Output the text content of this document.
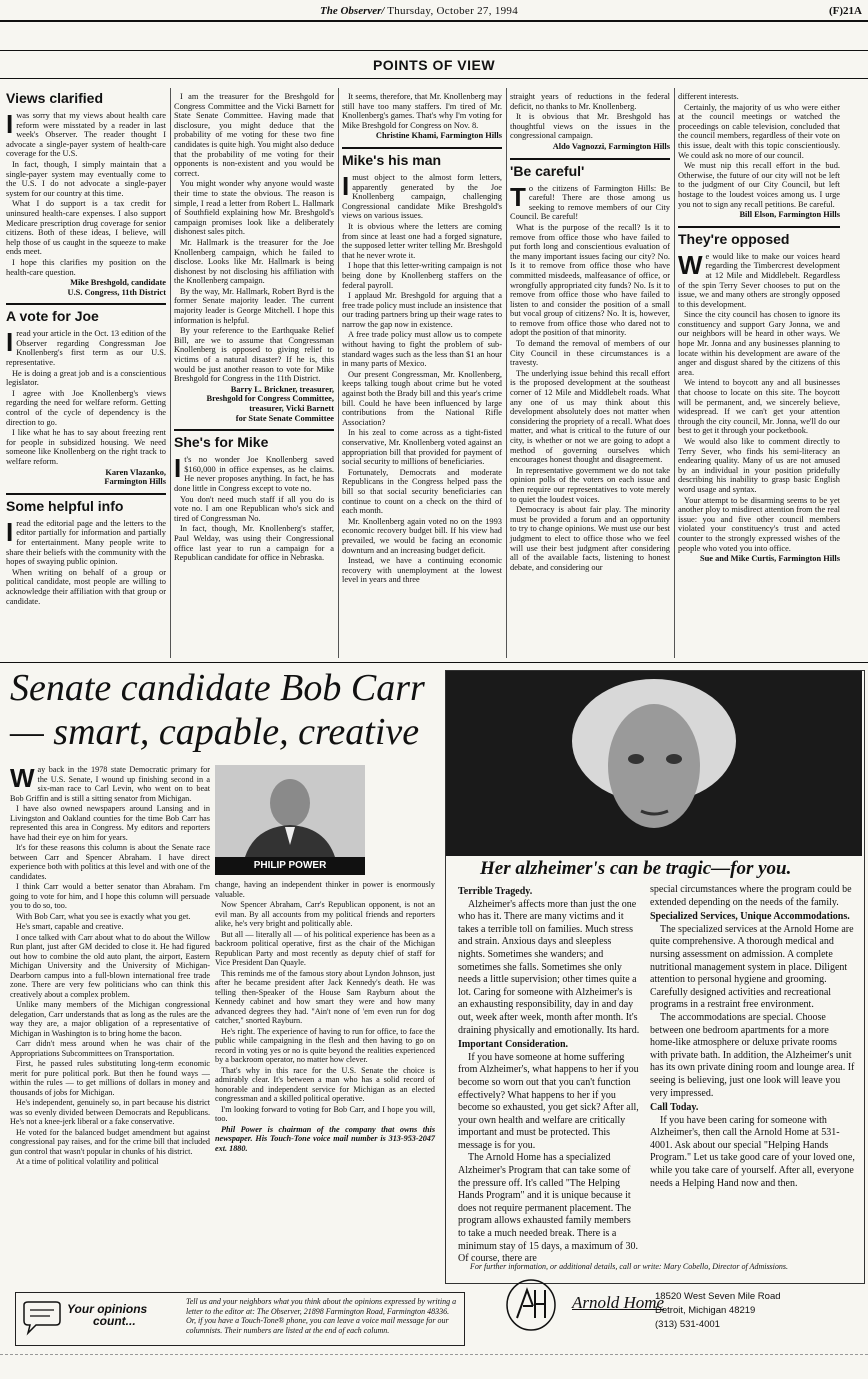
The Observer/ Thursday, October 27, 1994	(F)21A
POINTS OF VIEW
Views clarified

Iwas sorry that my views about health care reform were misstated by a reader in last week's Observer. The reader thought I advocate a single-payer system of health-care coverage for the U.S.

In fact, though, I simply maintain that a single-payer system may eventually come to the U.S. I do not advocate a single-payer system for our country at this time.

What I do support is a tax credit for uninsured health-care expenses. I also support Medicare prescription drug coverage for senior citizens. Both of these ideas, I believe, will help those of us caught in the squeeze to make ends meet.

I hope this clarifies my position on the health-care question.

Mike Breshgold, candidate
U.S. Congress, 11th District
A vote for Joe

Iread your article in the Oct. 13 edition of the Observer regarding Congressman Joe Knollenberg's first term as our U.S. representative.

He is doing a great job and is a conscientious legislator.

I agree with Joe Knollenberg's views regarding the need for welfare reform. Getting control of the cycle of dependency is the direction to go.

I like what he has to say about freezing rent for people in subsidized housing. We need someone like Knollenberg on the right track to welfare reform.

Karen Vlazanko,
Farmington Hills
Some helpful info

Iread the editorial page and the letters to the editor partially for information and partially for entertainment. Many people write to share their beliefs with the community with the hopes of swaying public opinion.

When writing on behalf of a group or political candidate, most people are willing to acknowledge their affiliation with that group or candidate.

I am the treasurer for the Breshgold for Congress Committee and the Vicki Barnett for State Senate Committee. Having made that disclosure, you might deduce that the probability of me voting for these two fine candidates is quite high. You might also deduce that the probability of me voting for their opponents is non-existent and you would be correct.

You might wonder why anyone would waste their time to state the obvious. The reason is simple, I read a letter from Robert L. Hallmark of Southfield explaining how Mr. Breshgold's campaign promises look like a deliberately dishonest sales pitch.

Mr. Hallmark is the treasurer for the Joe Knollenberg campaign, which he failed to disclose. Looks like Mr. Hallmark is being dishonest by not disclosing his affiliation with the Knollenberg campaign.

By the way, Mr. Hallmark, Robert Byrd is the former Senate majority leader. The current majority leader is George Mitchell. I hope this information is helpful.

By your reference to the Earthquake Relief Bill, are we to assume that Congressman Knollenberg is opposed to giving relief to victims of a natural disaster? If he is, this would be just another reason to vote for Mike Breshgold for Congress in the 11th District.

Barry L. Brickner, treasurer,
Breshgold for Congress Committee,
treasurer, Vicki Barnett
for State Senate Committee
She's for Mike

It's no wonder Joe Knollenberg saved $160,000 in office expenses, as he claims. He never proposes anything. In fact, he has done little in Congress except to vote no.

You don't need much staff if all you do is vote no. I am one Republican who's sick and tired of Congressman No.

In fact, though, Mr. Knollenberg's staffer, Paul Welday, was using their Congressional office last year to run a campaign for a Republican candidate for office in Nebraska.

It seems, therefore, that Mr. Knollenberg may still have too many staffers. I'm tired of Mr. Knollenberg's games. That's why I'm voting for Mike Breshgold for Congress on Nov. 8.

Christine Khami, Farmington Hills
Mike's his man

Imust object to the almost form letters, apparently generated by the Joe Knollenberg campaign, challenging Congressional candidate Mike Breshgold's views on various issues.

It is obvious where the letters are coming from since at least one had a forged signature, the supposed letter writer telling Mr. Breshgold that he never wrote it.

I hope that this letter-writing campaign is not being done by Knollenberg staffers on the federal payroll.

I applaud Mr. Breshgold for arguing that a free trade policy must include an insistence that our trading partners bring up their wage rates to narrow the gap now in existence.

A free trade policy must allow us to compete without having to fight the problem of sub-standard wages such as the less than $1 an hour in many parts of Mexico.

Our present Congressman, Mr. Knollenberg, keeps talking tough about crime but he voted against both the Brady bill and this year's crime bill. Could he have been influenced by large contributions from the National Rifle Association?

In his zeal to come across as a tight-fisted conservative, Mr. Knollenberg voted against an appropriation bill that provided for payment of social security to millions of beneficiaries.

Fortunately, Democrats and moderate Republicans in the Congress helped pass the bill so that social security beneficiaries can continue to count on a check on the third of each month.

Mr. Knollenberg again voted no on the 1993 economic recovery budget bill. If his view had prevailed, we would be facing an economic downturn and an increasing budget deficit.

Instead, we have a continuing economic recovery with unemployment at the lowest level in years and three

straight years of reductions in the federal deficit, no thanks to Mr. Knollenberg.

It is obvious that Mr. Breshgold has thoughtful views on the issues in the congressional campaign.

Aldo Vagnozzi, Farmington Hills
'Be careful'

To the citizens of Farmington Hills: Be careful! There are those among us seeking to remove members of our City Council. Be careful!

What is the purpose of the recall? Is it to remove from office those who have failed to put forth long and conscientious evaluation of the many important issues facing our city? No. Is it to remove from office those who have committed misdeeds, malfeasance of office, or wrongfully appropriated city funds? No. Is it to remove from office those who have failed to listen to and consider the position of a small but vocal group of citizens? No. It is, however, to remove from office those who dared not to adopt the position of that minority.

To demand the removal of members of our City Council in these circumstances is a travesty.

The underlying issue behind this recall effort is the proposed development at the southeast corner of 12 Mile and Middlebelt roads. What any one of us may think about this development absolutely does not matter when considering the propriety of a recall. What does matter, and what is critical to the future of our city, is whether or not we are going to adopt a method of governing ourselves which encourages honest thought and disagreement.

In representative government we do not take opinion polls of the voters on each issue and then require our representatives to vote merely to quiet the loudest voices.

Democracy is about fair play. The minority must be provided a forum and an opportunity to try to change opinions. We must use our best judgment to elect to office those who we feel will use their best judgment after considering all of the available facts, listening to honest debate, and considering our

different interests.

Certainly, the majority of us who were either at the council meetings or watched the proceedings on cable television, concluded that the council members, regardless of their vote on this issue, dealt with this topic conscientiously. We could ask no more of our council.

We must nip this recall effort in the bud. Otherwise, the future of our city will not be left to the judgment of our City Council, but left hostage to the loudest voices among us. I urge you not to sign any recall petitions. Be careful.

Bill Elson, Farmington Hills
They're opposed

We would like to make our voices heard regarding the Timbercrest development at 12 Mile and Middlebelt. Regardless of the spin Terry Sever chooses to put on the issue, we and many others are strongly opposed to this development.

Since the city council has chosen to ignore its constituency and support Gary Jonna, we and our neighbors will be heard in other ways. We hope Mr. Jonna and any businesses planning to locate within his development are aware of the anger and disgust shared by the citizens of this area.

We intend to boycott any and all businesses that choose to locate on this site. The boycott will be permanent, and, we sincerely believe, widespread. If we can't get your attention through the city council, Mr. Jonna, we'll do our best to get it through your pocketbook.

We would also like to comment directly to Terry Sever, who finds his semi-literacy an endearing quality. Many of us are not amused by an individual in your position pridefully describing his inability to grasp basic English word usage and syntax.

Your attempt to be disarming seems to be yet another ploy to misdirect attention from the real issue: you and five other council members violated your constituency's trust and acted counter to the strongly expressed wishes of the people who voted you into office.

Sue and Mike Curtis, Farmington Hills
Senate candidate Bob Carr
— smart, capable, creative
PHILIP POWER

Way back in the 1978 state Democratic primary for the U.S. Senate, I wound up finishing second in a six-man race to Carl Levin, who went on to beat Bob Griffin and is still a sitting senator from Michigan.

I have also owned newspapers around Lansing and in Livingston and Oakland counties for the time Bob Carr has represented this area in Congress. My editors and reporters have had their eye on him for years.

It's for these reasons this column is about the Senate race between Carr and Spencer Abraham. I have direct experience both with politics at this level and with one of the candidates.

I think Carr would a better senator than Abraham. I'm going to vote for him, and I hope this column will persuade you to do so, too.

With Bob Carr, what you see is exactly what you get.

He's smart, capable and creative.

I once talked with Carr about what to do about the Willow Run plant, just after GM decided to close it. He had figured out how to combine the old auto plant, the airport, Eastern Michigan University and the University of Michigan-Dearborn campus into a full-blown international free trade zone. There are very few politicians who can think this creatively about a complex problem.

Unlike many members of the Michigan congressional delegation, Carr understands that as long as the rules are the way they are, a major obligation of a representative of Michigan in Washington is to bring home the bacon.

Carr didn't mess around when he was chair of the Appropriations Subcommittees on Transportation.

First, he passed rules substituting long-term economic merit for pure political pork. But then he found ways — within the rules — to get millions of dollars in money and thousands of jobs for Michigan.

He's independent, genuinely so, in part because his district was so evenly divided between Democrats and Republicans. He's not a knee-jerk liberal or a fake conservative.

He voted for the balanced budget amendment but against congressional pay raises, and for the crime bill that included gun control that wasn't popular in chunks of his district.

At a time of political volatility and political

change, having an independent thinker in power is enormously valuable.

Now Spencer Abraham, Carr's Republican opponent, is not an evil man. By all accounts from my political friends and reporters alike, he's very bright and politically able.

But all — literally all — of his political experience has been as a backroom political operative, first as the chair of the Michigan Republican Party and most recently as deputy chief of staff for Vice President Dan Quayle.

This reminds me of the famous story about Lyndon Johnson, just after he became president after Jack Kennedy's death. He was telling then-Speaker of the House Sam Rayburn about the Kennedy cabinet and how smart they were and how many advanced degrees they had. "Ain't none of 'em even run for dog catcher," snorted Rayburn.

He's right. The experience of having to run for office, to face the public while campaigning in the flesh and then having to go on record in voting yes or no is quite beyond the realities experienced by a backroom operator, no matter how clever.

That's why in this race for the U.S. Senate the choice is admirably clear. It's between a man who has a solid record of honorable and independent service for Michigan as an elected congressman and a skilled political operative.

I'm looking forward to voting for Bob Carr, and I hope you will, too.

Phil Power is chairman of the company that owns this newspaper. His Touch-Tone voice mail number is 313-953-2047 ext. 1880.

Her alzheimer's can be tragic—for you.

Terrible Tragedy.

Alzheimer's affects more than just the one who has it. There are many victims and it takes a terrible toll on families. Much stress and strain. Anxious days and sleepless nights. Sometimes she wanders; and sometimes she falls. Sometimes she only needs a little supervision; other times quite a lot. Caring for someone with Alzheimer's is an exhausting responsibility, day in and day out, week after week, month after month. It's draining physically and emotionally. Its hard.

Important Consideration.

If you have someone at home suffering from Alzheimer's, what happens to her if you become so worn out that you can't function effectively? What happens to her if you become so exhausted, you get sick? After all, your own health and welfare are critically important and must be protected. This message is for you.

The Arnold Home has a specialized Alzheimer's Program that can take some of the pressure off. It's called "The Helping Hands Program" and it is unique because it does not require permanent placement. The program allows exhausted family members to take a much needed break. There is a minimum stay of 15 days, a maximum of 30. Of course, there are

special circumstances where the program could be extended depending on the needs of the family.

Specialized Services, Unique Accommodations.

The specialized services at the Arnold Home are quite comprehensive. A thorough medical and nursing assessment on admission. A complete nutritional management system in place. Diligent attention to personal hygiene and grooming. Carefully designed activities and recreational programs in a restraint free environment.

The accommodations are special. Choose between one bedroom apartments for a more home-like atmosphere or deluxe private rooms with private bath. In addition, the Alzheimer's unit has its own private dining room and lounge area. If seeing is believing, just one look will leave you very impressed.

Call Today.

If you have been caring for someone with Alzheimer's, then call the Arnold Home at 531-4001. Ask about our special "Helping Hands Program." Let us take good care of your loved one, while you take care of yourself. After all, everyone needs a Helping Hand now and then.

For further information, or additional details, call or write: Mary Cobello, Director of Admissions.
Arnold Home
18520 West Seven Mile Road
Detroit, Michigan 48219
(313) 531-4001
Your opinions
count...
Tell us and your neighbors what you think about the opinions expressed by writing a letter to the editor at: The Observer, 21898 Farmington Road, Farmington 48336. Or, if you have a Touch-Tone® phone, you can leave a voice mail message for our columnists. Their numbers are listed at the end of each column.
